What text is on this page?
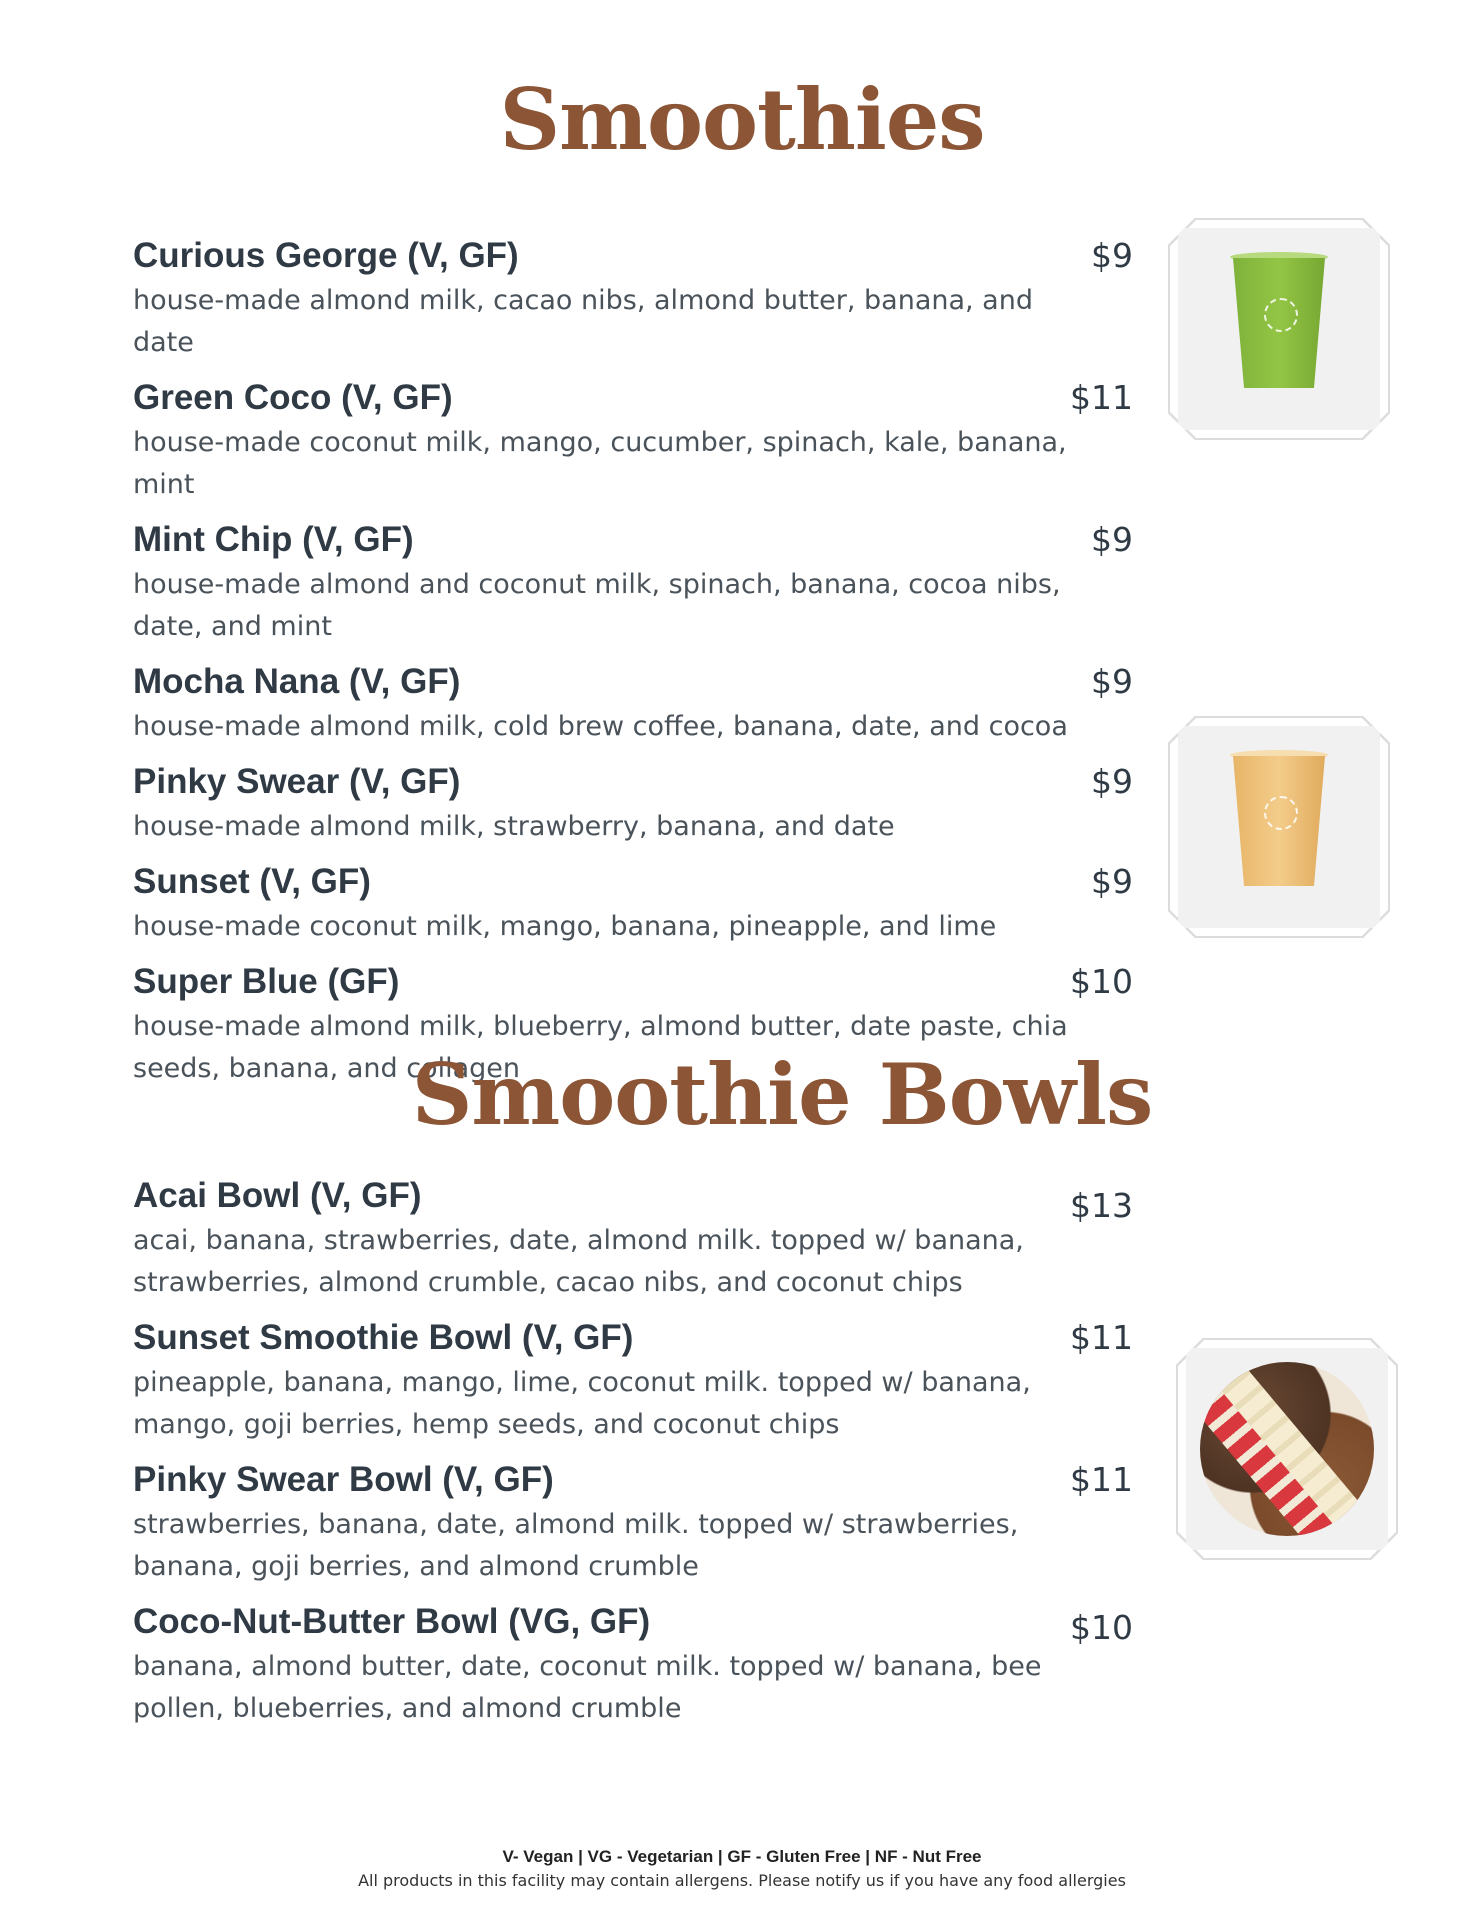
Smoothies
Curious George (V, GF)	$9
house-made almond milk, cacao nibs, almond butter, banana, and date
Green Coco (V, GF)	$11
house-made coconut milk, mango, cucumber, spinach, kale, banana, mint
Mint Chip (V, GF)	$9
house-made almond and coconut milk, spinach, banana, cocoa nibs, date, and mint
Mocha Nana (V, GF)	$9
house-made almond milk, cold brew coffee, banana, date, and cocoa
Pinky Swear (V, GF)	$9
house-made almond milk, strawberry, banana, and date
Sunset (V, GF)	$9
house-made coconut milk, mango, banana, pineapple, and lime
Super Blue (GF)	$10
house-made almond milk, blueberry, almond butter, date paste, chia seeds, banana, and collagen
Smoothie Bowls
Acai Bowl (V, GF)	$13
acai, banana, strawberries, date, almond milk. topped w/ banana, strawberries, almond crumble, cacao nibs, and coconut chips
Sunset Smoothie Bowl (V, GF)	$11
pineapple, banana, mango, lime, coconut milk. topped w/ banana, mango, goji berries, hemp seeds, and coconut chips
Pinky Swear Bowl (V, GF)	$11
strawberries, banana, date, almond milk. topped w/ strawberries, banana, goji berries, and almond crumble
Coco-Nut-Butter Bowl (VG, GF)	$10
banana, almond butter, date, coconut milk. topped w/ banana, bee pollen, blueberries, and almond crumble
V- Vegan | VG - Vegetarian | GF - Gluten Free | NF - Nut Free
All products in this facility may contain allergens. Please notify us if you have any food allergies
